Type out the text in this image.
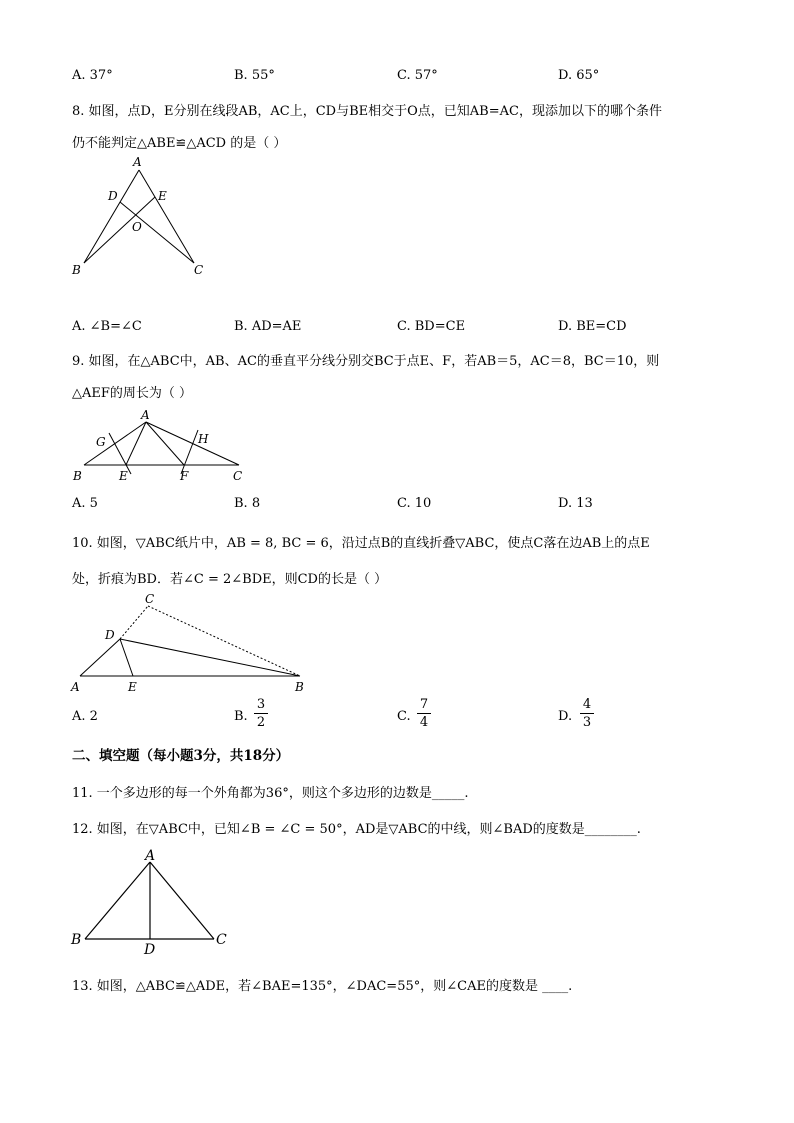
A. 37°	B. 55°	C. 57°	D. 65°
8. 如图，点D，E分别在线段AB，AC上，CD与BE相交于O点，已知AB=AC，现添加以下的哪个条件
仍不能判定△ABE≌△ACD 的是（ ）
A
D	E
O
B	C
A. ∠B=∠C	B. AD=AE	C. BD=CE	D. BE=CD
9. 如图，在△ABC中，AB、AC的垂直平分线分别交BC于点E、F，若AB＝5，AC＝8，BC＝10，则
△AEF的周长为（ ）
A
G	H
B	E	F	C
A. 5	B. 8	C. 10	D. 13
10. 如图，▽ABC纸片中，AB = 8, BC = 6，沿过点B的直线折叠▽ABC，使点C落在边AB上的点E
处，折痕为BD．若∠C = 2∠BDE，则CD的长是（ ）
C
D
A	E	B
A. 2	B.
3
2	C.
7
4	D.
4
3
二、填空题（每小题3分，共18分）
11. 一个多边形的每一个外角都为36°，则这个多边形的边数是_____.
12. 如图，在▽ABC中，已知∠B = ∠C = 50°，AD是▽ABC的中线，则∠BAD的度数是________.
A
B
D
C
13. 如图，△ABC≌△ADE，若∠BAE=135°，∠DAC=55°，则∠CAE的度数是 ____.
